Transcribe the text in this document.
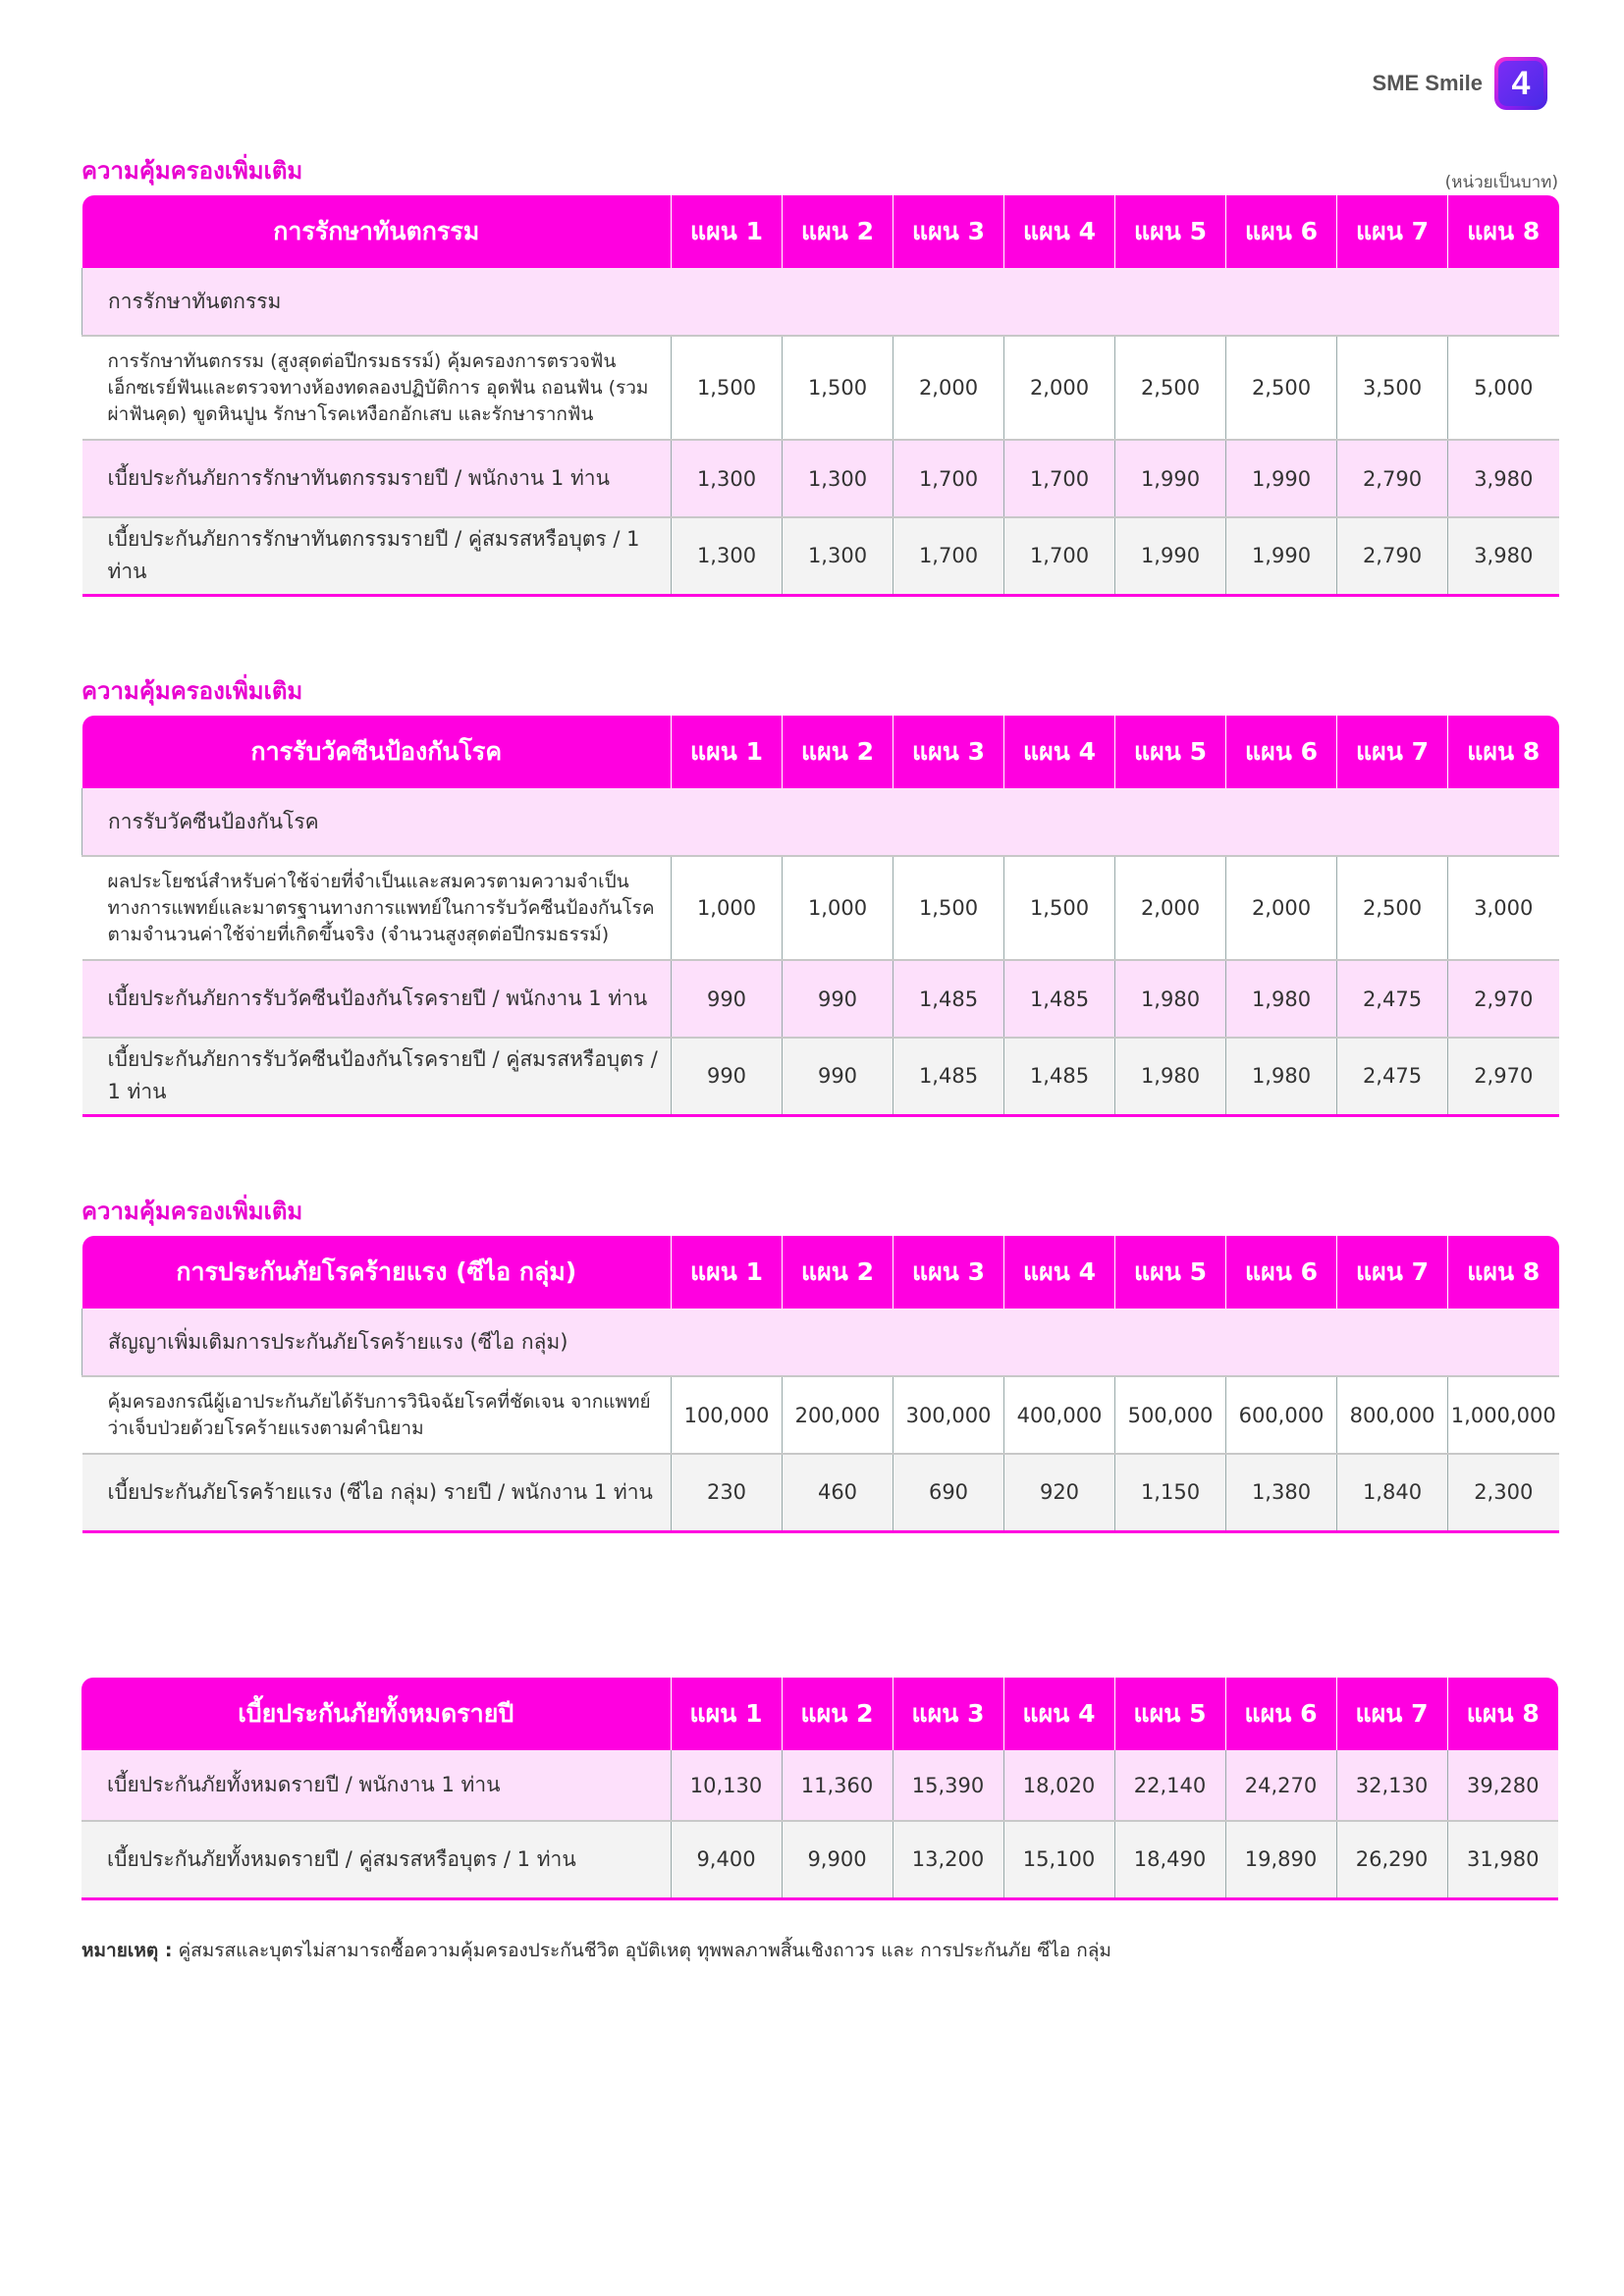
SME Smile 4
ความคุ้มครองเพิ่มเติม	(หน่วยเป็นบาท)
การรักษาทันตกรรม	แผน 1	แผน 2	แผน 3	แผน 4	แผน 5	แผน 6	แผน 7	แผน 8
การรักษาทันตกรรม								
การรักษาทันตกรรม (สูงสุดต่อปีกรมธรรม์) คุ้มครองการตรวจฟัน เอ็กซเรย์ฟันและตรวจทางห้องทดลองปฏิบัติการ อุดฟัน ถอนฟัน (รวมผ่าฟันคุด) ขูดหินปูน รักษาโรคเหงือกอักเสบ และรักษารากฟัน	1,500	1,500	2,000	2,000	2,500	2,500	3,500	5,000
เบี้ยประกันภัยการรักษาทันตกรรมรายปี / พนักงาน 1 ท่าน	1,300	1,300	1,700	1,700	1,990	1,990	2,790	3,980
เบี้ยประกันภัยการรักษาทันตกรรมรายปี / คู่สมรสหรือบุตร / 1 ท่าน	1,300	1,300	1,700	1,700	1,990	1,990	2,790	3,980
ความคุ้มครองเพิ่มเติม
การรับวัคซีนป้องกันโรค	แผน 1	แผน 2	แผน 3	แผน 4	แผน 5	แผน 6	แผน 7	แผน 8
การรับวัคซีนป้องกันโรค								
ผลประโยชน์สำหรับค่าใช้จ่ายที่จำเป็นและสมควรตามความจำเป็น ทางการแพทย์และมาตรฐานทางการแพทย์ในการรับวัคซีนป้องกันโรค ตามจำนวนค่าใช้จ่ายที่เกิดขึ้นจริง (จำนวนสูงสุดต่อปีกรมธรรม์)	1,000	1,000	1,500	1,500	2,000	2,000	2,500	3,000
เบี้ยประกันภัยการรับวัคซีนป้องกันโรครายปี / พนักงาน 1 ท่าน	990	990	1,485	1,485	1,980	1,980	2,475	2,970
เบี้ยประกันภัยการรับวัคซีนป้องกันโรครายปี / คู่สมรสหรือบุตร / 1 ท่าน	990	990	1,485	1,485	1,980	1,980	2,475	2,970
ความคุ้มครองเพิ่มเติม
การประกันภัยโรคร้ายแรง (ซีไอ กลุ่ม)	แผน 1	แผน 2	แผน 3	แผน 4	แผน 5	แผน 6	แผน 7	แผน 8
สัญญาเพิ่มเติมการประกันภัยโรคร้ายแรง (ซีไอ กลุ่ม)								
คุ้มครองกรณีผู้เอาประกันภัยได้รับการวินิจฉัยโรคที่ชัดเจน จากแพทย์ว่าเจ็บป่วยด้วยโรคร้ายแรงตามคำนิยาม	100,000	200,000	300,000	400,000	500,000	600,000	800,000	1,000,000
เบี้ยประกันภัยโรคร้ายแรง (ซีไอ กลุ่ม) รายปี / พนักงาน 1 ท่าน	230	460	690	920	1,150	1,380	1,840	2,300
เบี้ยประกันภัยทั้งหมดรายปี	แผน 1	แผน 2	แผน 3	แผน 4	แผน 5	แผน 6	แผน 7	แผน 8
เบี้ยประกันภัยทั้งหมดรายปี / พนักงาน 1 ท่าน	10,130	11,360	15,390	18,020	22,140	24,270	32,130	39,280
เบี้ยประกันภัยทั้งหมดรายปี / คู่สมรสหรือบุตร / 1 ท่าน	9,400	9,900	13,200	15,100	18,490	19,890	26,290	31,980
หมายเหตุ : คู่สมรสและบุตรไม่สามารถซื้อความคุ้มครองประกันชีวิต อุบัติเหตุ ทุพพลภาพสิ้นเชิงถาวร และ การประกันภัย ซีไอ กลุ่ม
